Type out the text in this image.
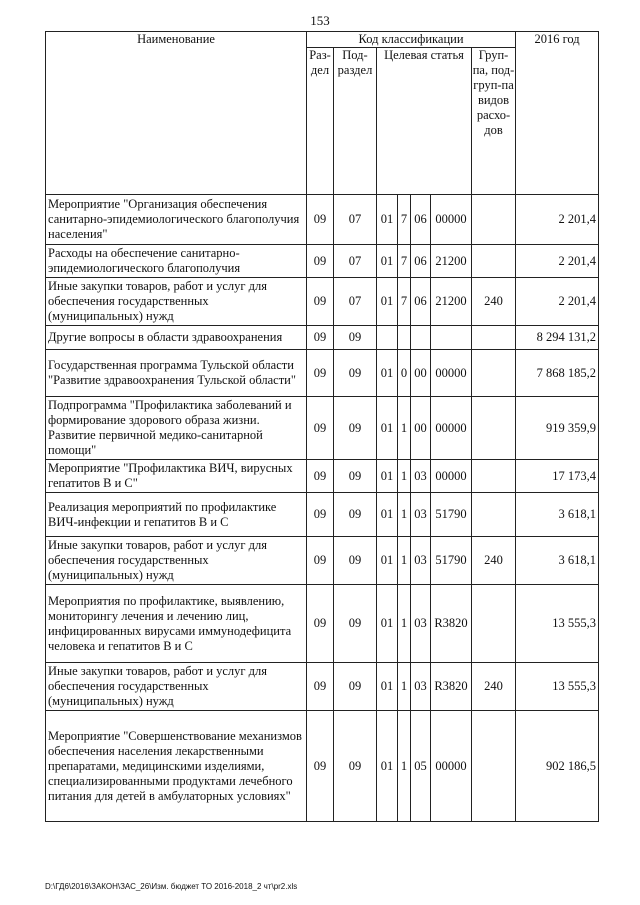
153
Наименование	Код классификации							2016 год
	Раз-дел	Под-раздел	Целевая статья				Груп-па, под-груп-па видов расхо-дов	
Мероприятие "Организация обеспечения санитарно-эпидемиологического благополучия населения"	09	07	01	7	06	00000		2 201,4
Расходы на обеспечение санитарно-эпидемиологического благополучия	09	07	01	7	06	21200		2 201,4
Иные закупки товаров, работ и услуг для обеспечения государственных (муниципальных) нужд	09	07	01	7	06	21200	240	2 201,4
Другие вопросы в области здравоохранения	09	09						8 294 131,2
Государственная программа Тульской области "Развитие здравоохранения Тульской области"	09	09	01	0	00	00000		7 868 185,2
Подпрограмма "Профилактика заболеваний и формирование здорового образа жизни. Развитие первичной медико-санитарной помощи"	09	09	01	1	00	00000		919 359,9
Мероприятие "Профилактика ВИЧ, вирусных гепатитов В и С"	09	09	01	1	03	00000		17 173,4
Реализация мероприятий по профилактике ВИЧ-инфекции и гепатитов В и С	09	09	01	1	03	51790		3 618,1
Иные закупки товаров, работ и услуг для обеспечения государственных (муниципальных) нужд	09	09	01	1	03	51790	240	3 618,1
Мероприятия по профилактике, выявлению, мониторингу лечения и лечению лиц, инфицированных вирусами иммунодефицита человека и гепатитов В и С	09	09	01	1	03	R3820		13 555,3
Иные закупки товаров, работ и услуг для обеспечения государственных (муниципальных) нужд	09	09	01	1	03	R3820	240	13 555,3
Мероприятие "Совершенствование механизмов обеспечения населения лекарственными препаратами, медицинскими изделиями, специализированными продуктами лечебного питания для детей в амбулаторных условиях"	09	09	01	1	05	00000		902 186,5
D:\ГД6\2016\ЗАКОН\ЗАС_26\Изм. бюджет ТО 2016-2018_2 чт\pr2.xls
